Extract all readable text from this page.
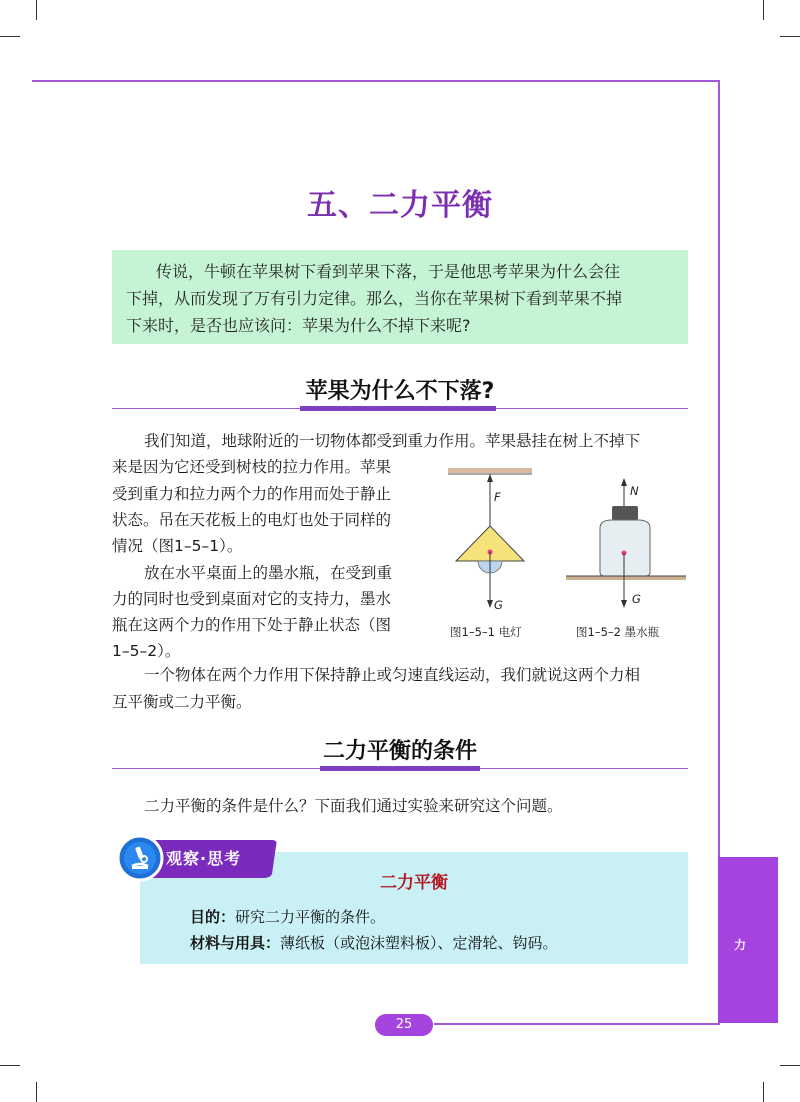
五、二力平衡
传说，牛顿在苹果树下看到苹果下落，于是他思考苹果为什么会往
下掉，从而发现了万有引力定律。那么，当你在苹果树下看到苹果不掉
下来时，是否也应该问：苹果为什么不掉下来呢?
苹果为什么不下落?
我们知道，地球附近的一切物体都受到重力作用。苹果悬挂在树上不掉下
来是因为它还受到树枝的拉力作用。苹果
受到重力和拉力两个力的作用而处于静止
状态。吊在天花板上的电灯也处于同样的
情况（图1–5–1）。
放在水平桌面上的墨水瓶，在受到重
力的同时也受到桌面对它的支持力，墨水
瓶在这两个力的作用下处于静止状态（图
1–5–2）。
一个物体在两个力作用下保持静止或匀速直线运动，我们就说这两个力相
互平衡或二力平衡。
F
G
图1–5–1 电灯
N
G
图1–5–2 墨水瓶
二力平衡的条件
二力平衡的条件是什么？下面我们通过实验来研究这个问题。
观察·思考
二力平衡
目的：研究二力平衡的条件。
材料与用具：薄纸板（或泡沫塑料板）、定滑轮、钩码。	力
25
